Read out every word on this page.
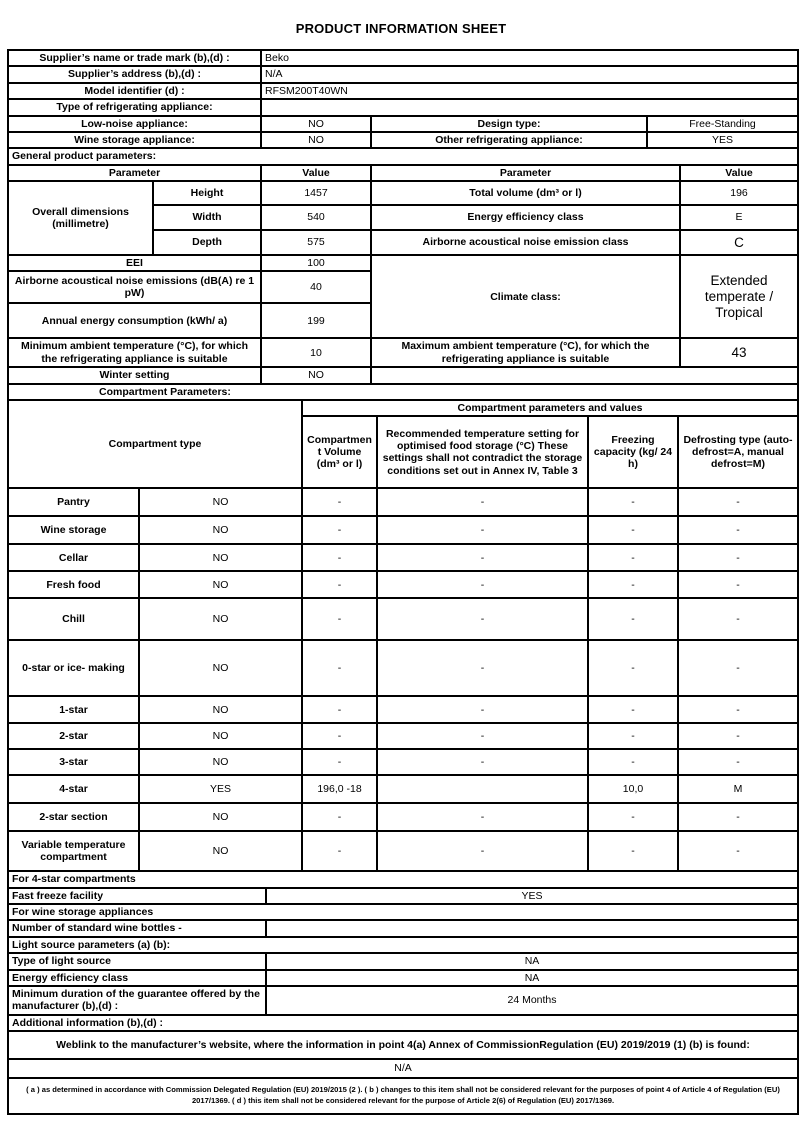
PRODUCT INFORMATION SHEET
Supplier’s name or trade mark (b),(d) :	Beko		
Supplier’s address (b),(d) :	N/A		
Model identifier (d) :	RFSM200T40WN		
Type of refrigerating appliance:			
Low-noise appliance:	NO	Design type:	Free-Standing
Wine storage appliance:	NO	Other refrigerating appliance:	YES
General product parameters:				
Parameter		Value	Parameter	Value
Overall dimensions (millimetre)	Height	1457	Total volume (dm³ or l)	196
	Width	540	Energy efficiency class	E
	Depth	575	Airborne acoustical noise emission class	C
EEI		100	Climate class:	Extended temperate / Tropical
Airborne acoustical noise emissions (dB(A) re 1 pW)		40		
Annual energy consumption (kWh/ a)		199		
Minimum ambient temperature (°C), for which the refrigerating appliance is suitable		10	Maximum ambient temperature (°C), for which the refrigerating appliance is suitable	43
Winter setting		NO		
Compartment Parameters:					
Compartment type		Compartment parameters and values			
		Compartment Volume (dm³ or l)	Recommended temperature setting for optimised food storage (°C) These settings shall not contradict the storage conditions set out in Annex IV, Table 3	Freezing capacity (kg/ 24 h)	Defrosting type (auto-defrost=A, manual defrost=M)
Pantry	NO	-	-	-	-
Wine storage	NO	-	-	-	-
Cellar	NO	-	-	-	-
Fresh food	NO	-	-	-	-
Chill	NO	-	-	-	-
0-star or ice- making	NO	-	-	-	-
1-star	NO	-	-	-	-
2-star	NO	-	-	-	-
3-star	NO	-	-	-	-
4-star	YES	196,0 -18		10,0	M
2-star section	NO	-	-	-	-
Variable temperature compartment	NO	-	-	-	-
For 4-star compartments	
Fast freeze facility	YES
For wine storage appliances	
Number of standard wine bottles -	
Light source parameters (a) (b):	
Type of light source	NA
Energy efficiency class	NA
Minimum duration of the guarantee offered by the manufacturer (b),(d) :	24 Months
Additional information (b),(d) :	
Weblink to the manufacturer’s website, where the information in point 4(a) Annex of CommissionRegulation (EU) 2019/2019 (1) (b) is found:	
N/A	
( a ) as determined in accordance with Commission Delegated Regulation (EU) 2019/2015 (2 ). ( b ) changes to this item shall not be considered relevant for the purposes of point 4 of Article 4 of Regulation (EU) 2017/1369. ( d ) this item shall not be considered relevant for the purpose of Article 2(6) of Regulation (EU) 2017/1369.	
